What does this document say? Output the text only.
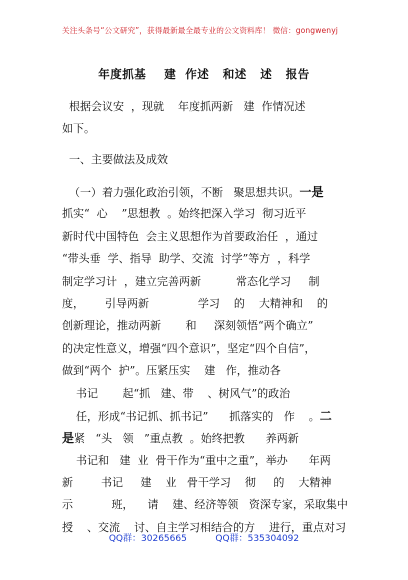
关注头条号“公文研究”，获得最新最全最专业的公文资料库！ 微信：gongwenyj
年度抓基    建  作述   和述   述   报告
根据会议安  ，现就    年度抓两新   建  作情况述
如下。
一、主要做法及成效
（一）着力强化政治引领，不断   聚思想共识。一是
抓实“  心    ”思想教  。始终把深入学习  彻习近平
新时代中国特色  会主义思想作为首要政治任  ，通过
“带头垂  学、指导  助学、交流  讨学”等方  ，科学
制定学习计  ，建立完善两新          常态化学习     制
度，      引导两新              学习    的    大精神和    的
创新理论，推动两新       和     深刻领悟“两个确立”
的决定性意义，增强“四个意识”，坚定“四个自信”，
做到“两个  护”。压紧压实    建   作，推动各
书记       起“抓   建、带    、树风气”的政治
任，形成“书记抓、抓书记”      抓落实的   作    。二
是紧   “头   领   ”重点教  。始终把教      养两新
书记和   建  业  骨干作为“重中之重”，举办      年两
新        书记     建    业   骨干学习    彻     的    大精神
示           班，    请    建、经济等领   资深专家，采取集中
授    、交流    讨、自主学习相结合的方    进行，重点对习
QQ群：30265665          QQ群：535304092
